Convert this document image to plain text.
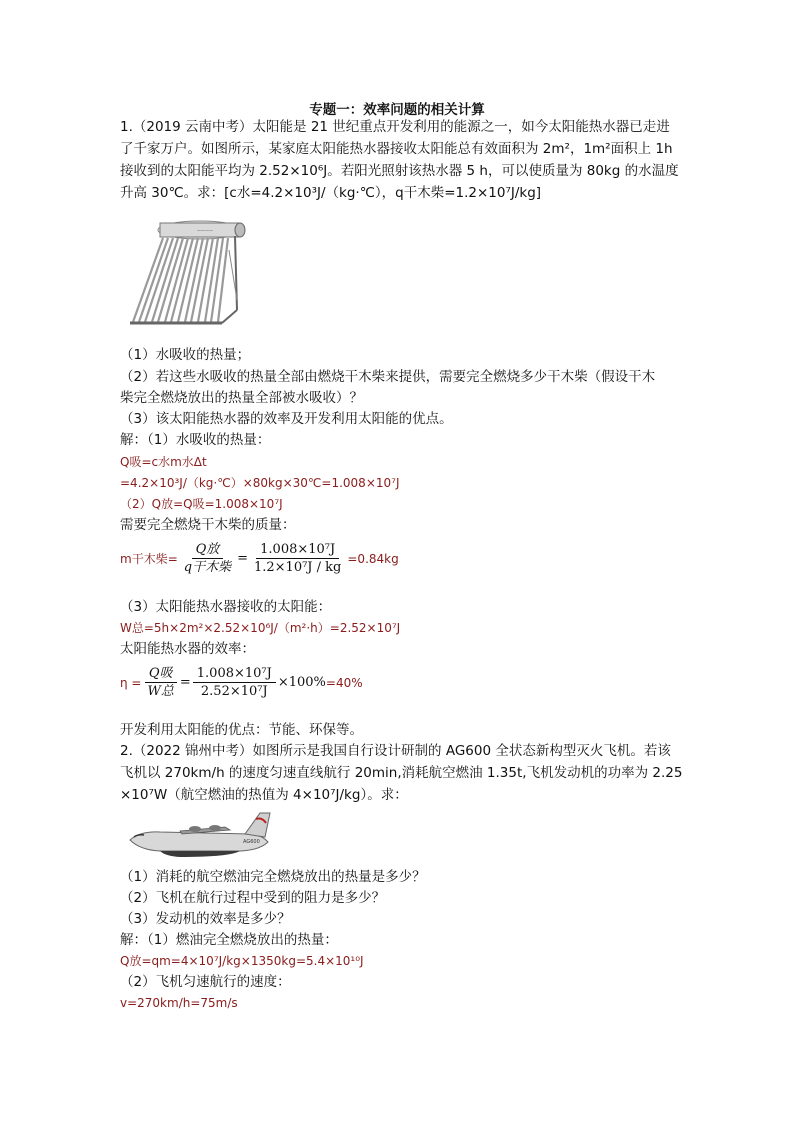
专题一：效率问题的相关计算
1.（2019 云南中考）太阳能是 21 世纪重点开发利用的能源之一，如今太阳能热水器已走进
了千家万户。如图所示，某家庭太阳能热水器接收太阳能总有效面积为 2m²，1m²面积上 1h
接收到的太阳能平均为 2.52×10⁶J。若阳光照射该热水器 5 h，可以使质量为 80kg 的水温度
升高 30℃。求：[c水=4.2×10³J/（kg·℃），q干木柴=1.2×10⁷J/kg]
————
（1）水吸收的热量；
（2）若这些水吸收的热量全部由燃烧干木柴来提供，需要完全燃烧多少干木柴（假设干木
柴完全燃烧放出的热量全部被水吸收）？
（3）该太阳能热水器的效率及开发利用太阳能的优点。
解：（1）水吸收的热量：
Q吸=c水m水Δt
=4.2×10³J/（kg·℃）×80kg×30℃=1.008×10⁷J
（2）Q放=Q吸=1.008×10⁷J
需要完全燃烧干木柴的质量：
m干木柴= $\frac{\text{Q放}}{\text{q干木柴}} = \frac{\text{1.008×10⁷J}}{\text{1.2×10⁷J / kg}} =0.84kg$
（3）太阳能热水器接收的太阳能：
W总=5h×2m²×2.52×10⁶J/（m²·h）=2.52×10⁷J
太阳能热水器的效率：
$\eta = \frac{\text{Q吸}}{\text{W总}} = \frac{\text{1.008×10⁷J}}{\text{2.52×10⁷J}} \times 100\% =40\%$
开发利用太阳能的优点：节能、环保等。
2.（2022 锦州中考）如图所示是我国自行设计研制的 AG600 全状态新构型灭火飞机。若该
飞机以 270km/h 的速度匀速直线航行 20min,消耗航空燃油 1.35t,飞机发动机的功率为 2.25
×10⁷W（航空燃油的热值为 4×10⁷J/kg）。求：
AG600
（1）消耗的航空燃油完全燃烧放出的热量是多少？
（2）飞机在航行过程中受到的阻力是多少？
（3）发动机的效率是多少？
解：（1）燃油完全燃烧放出的热量：
Q放=qm=4×10⁷J/kg×1350kg=5.4×10¹⁰J
（2）飞机匀速航行的速度：
v=270km/h=75m/s
